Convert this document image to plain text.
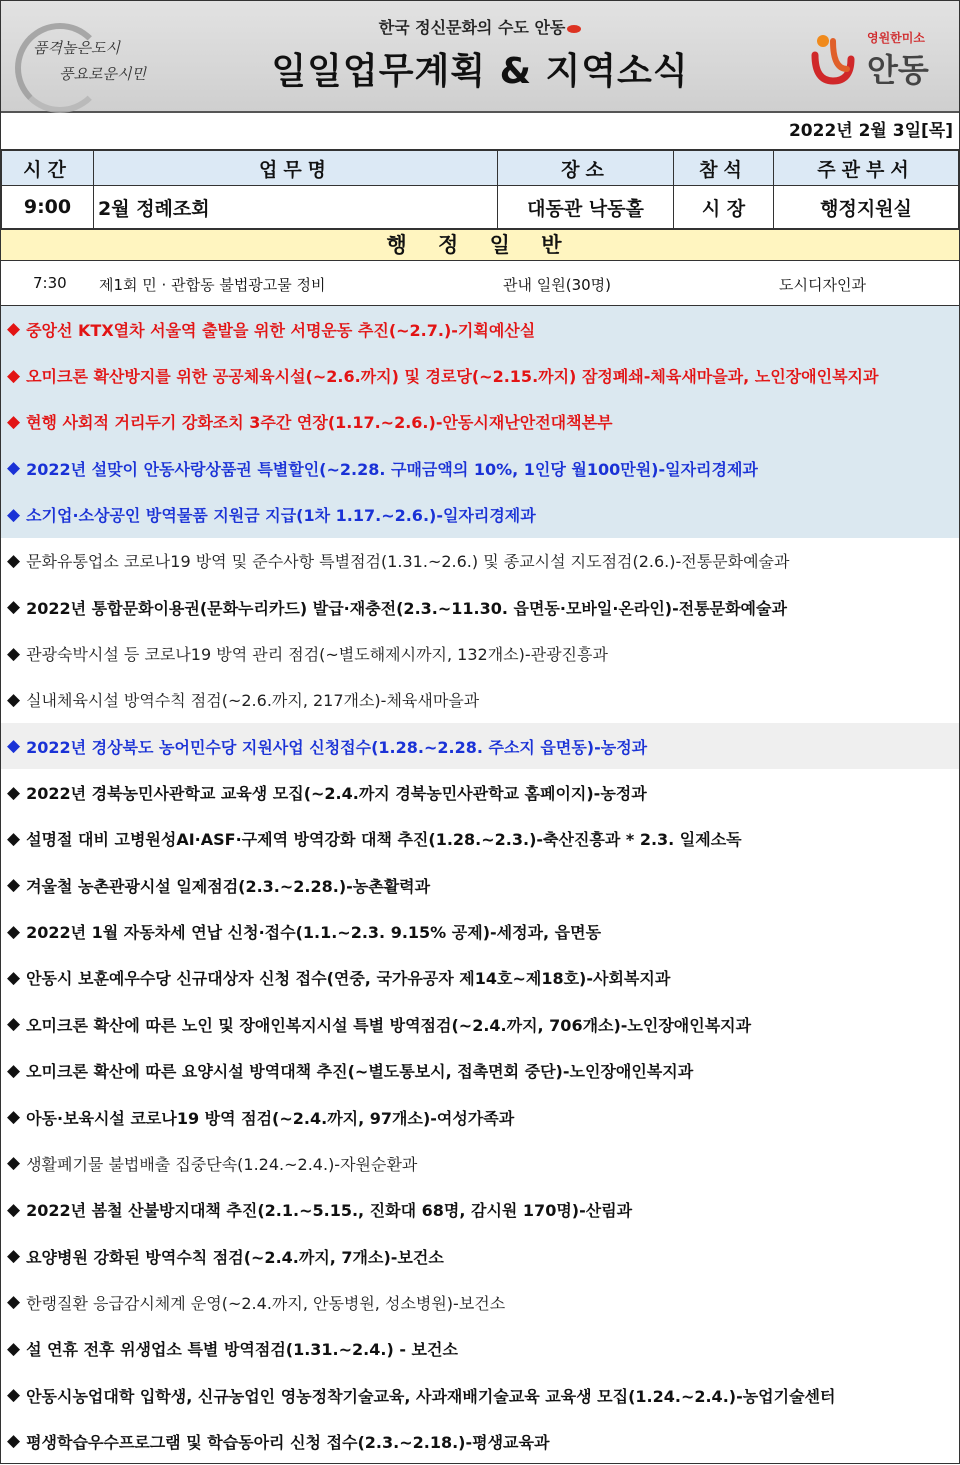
품격높은도시
풍요로운시민
한국 정신문화의 수도 안동
일일업무계획 & 지역소식
영원한미소
안동
2022년 2월 3일[목]
시간	업무명	장소	참석	주관부서
9:00	2월 정례조회	대동관 낙동홀	시 장	행정지원실
행 정 일 반
7:30 제1회 민 · 관합동 불법광고물 정비	관내 일원(30명)	도시디자인과
◆ 중앙선 KTX열차 서울역 출발을 위한 서명운동 추진(~2.7.)-기획예산실
◆ 오미크론 확산방지를 위한 공공체육시설(~2.6.까지) 및 경로당(~2.15.까지) 잠정폐쇄-체육새마을과, 노인장애인복지과
◆ 현행 사회적 거리두기 강화조치 3주간 연장(1.17.~2.6.)-안동시재난안전대책본부
◆ 2022년 설맞이 안동사랑상품권 특별할인(~2.28. 구매금액의 10%, 1인당 월100만원)-일자리경제과
◆ 소기업·소상공인 방역물품 지원금 지급(1차 1.17.~2.6.)-일자리경제과
◆ 문화유통업소 코로나19 방역 및 준수사항 특별점검(1.31.~2.6.) 및 종교시설 지도점검(2.6.)-전통문화예술과
◆ 2022년 통합문화이용권(문화누리카드) 발급·재충전(2.3.~11.30. 읍면동·모바일·온라인)-전통문화예술과
◆ 관광숙박시설 등 코로나19 방역 관리 점검(~별도해제시까지, 132개소)-관광진흥과
◆ 실내체육시설 방역수칙 점검(~2.6.까지, 217개소)-체육새마을과
◆ 2022년 경상북도 농어민수당 지원사업 신청접수(1.28.~2.28. 주소지 읍면동)-농정과
◆ 2022년 경북농민사관학교 교육생 모집(~2.4.까지 경북농민사관학교 홈페이지)-농정과
◆ 설명절 대비 고병원성AI·ASF·구제역 방역강화 대책 추진(1.28.~2.3.)-축산진흥과 * 2.3. 일제소독
◆ 겨울철 농촌관광시설 일제점검(2.3.~2.28.)-농촌활력과
◆ 2022년 1월 자동차세 연납 신청·접수(1.1.~2.3. 9.15% 공제)-세정과, 읍면동
◆ 안동시 보훈예우수당 신규대상자 신청 접수(연중, 국가유공자 제14호~제18호)-사회복지과
◆ 오미크론 확산에 따른 노인 및 장애인복지시설 특별 방역점검(~2.4.까지, 706개소)-노인장애인복지과
◆ 오미크론 확산에 따른 요양시설 방역대책 추진(~별도통보시, 접촉면회 중단)-노인장애인복지과
◆ 아동·보육시설 코로나19 방역 점검(~2.4.까지, 97개소)-여성가족과
◆ 생활폐기물 불법배출 집중단속(1.24.~2.4.)-자원순환과
◆ 2022년 봄철 산불방지대책 추진(2.1.~5.15., 진화대 68명, 감시원 170명)-산림과
◆ 요양병원 강화된 방역수칙 점검(~2.4.까지, 7개소)-보건소
◆ 한랭질환 응급감시체계 운영(~2.4.까지, 안동병원, 성소병원)-보건소
◆ 설 연휴 전후 위생업소 특별 방역점검(1.31.~2.4.) - 보건소
◆ 안동시농업대학 입학생, 신규농업인 영농정착기술교육, 사과재배기술교육 교육생 모집(1.24.~2.4.)-농업기술센터
◆ 평생학습우수프로그램 및 학습동아리 신청 접수(2.3.~2.18.)-평생교육과
